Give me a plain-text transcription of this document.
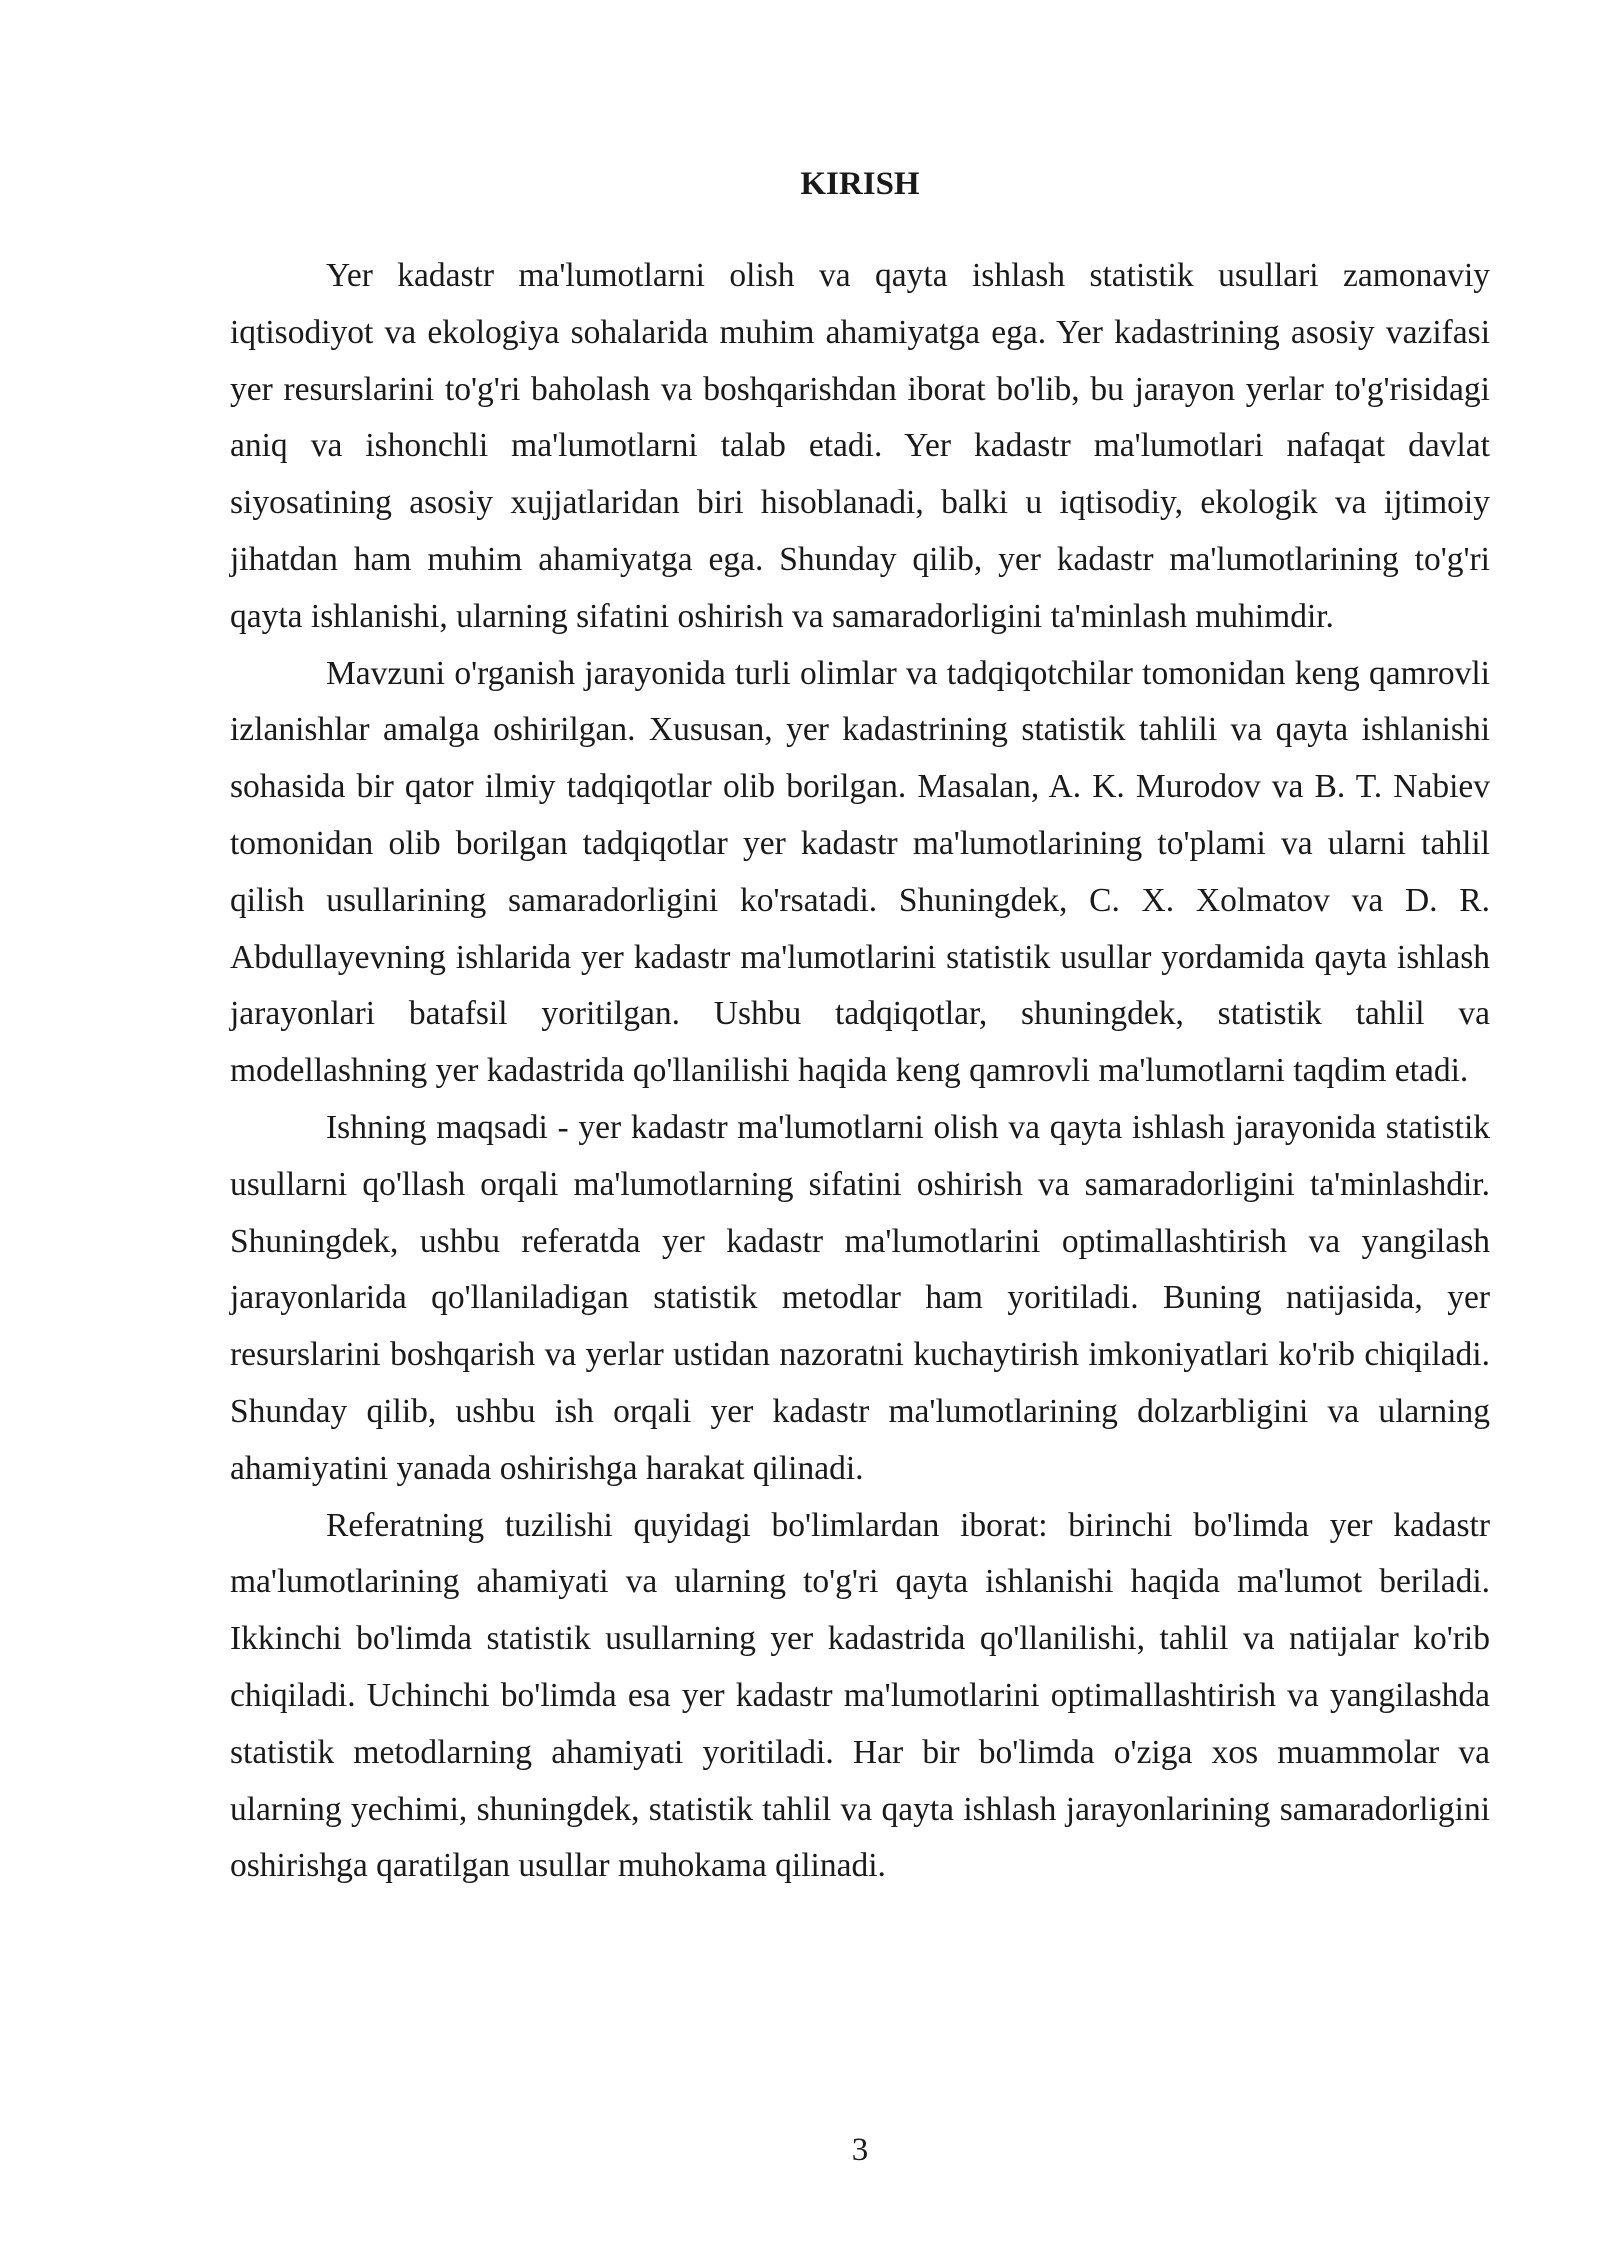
KIRISH

Yer kadastr ma'lumotlarni olish va qayta ishlash statistik usullari zamonaviy iqtisodiyot va ekologiya sohalarida muhim ahamiyatga ega. Yer kadastrining asosiy vazifasi yer resurslarini to'g'ri baholash va boshqarishdan iborat bo'lib, bu jarayon yerlar to'g'risidagi aniq va ishonchli ma'lumotlarni talab etadi. Yer kadastr ma'lumotlari nafaqat davlat siyosatining asosiy xujjatlaridan biri hisoblanadi, balki u iqtisodiy, ekologik va ijtimoiy jihatdan ham muhim ahamiyatga ega. Shunday qilib, yer kadastr ma'lumotlarining to'g'ri qayta ishlanishi, ularning sifatini oshirish va samaradorligini ta'minlash muhimdir.

Mavzuni o'rganish jarayonida turli olimlar va tadqiqotchilar tomonidan keng qamrovli izlanishlar amalga oshirilgan. Xususan, yer kadastrining statistik tahlili va qayta ishlanishi sohasida bir qator ilmiy tadqiqotlar olib borilgan. Masalan, A. K. Murodov va B. T. Nabiev tomonidan olib borilgan tadqiqotlar yer kadastr ma'lumotlarining to'plami va ularni tahlil qilish usullarining samaradorligini ko'rsatadi. Shuningdek, C. X. Xolmatov va D. R. Abdullayevning ishlarida yer kadastr ma'lumotlarini statistik usullar yordamida qayta ishlash jarayonlari batafsil yoritilgan. Ushbu tadqiqotlar, shuningdek, statistik tahlil va modellashning yer kadastrida qo'llanilishi haqida keng qamrovli ma'lumotlarni taqdim etadi.

Ishning maqsadi - yer kadastr ma'lumotlarni olish va qayta ishlash jarayonida statistik usullarni qo'llash orqali ma'lumotlarning sifatini oshirish va samaradorligini ta'minlashdir. Shuningdek, ushbu referatda yer kadastr ma'lumotlarini optimallashtirish va yangilash jarayonlarida qo'llaniladigan statistik metodlar ham yoritiladi. Buning natijasida, yer resurslarini boshqarish va yerlar ustidan nazoratni kuchaytirish imkoniyatlari ko'rib chiqiladi. Shunday qilib, ushbu ish orqali yer kadastr ma'lumotlarining dolzarbligini va ularning ahamiyatini yanada oshirishga harakat qilinadi.

Referatning tuzilishi quyidagi bo'limlardan iborat: birinchi bo'limda yer kadastr ma'lumotlarining ahamiyati va ularning to'g'ri qayta ishlanishi haqida ma'lumot beriladi. Ikkinchi bo'limda statistik usullarning yer kadastrida qo'llanilishi, tahlil va natijalar ko'rib chiqiladi. Uchinchi bo'limda esa yer kadastr ma'lumotlarini optimallashtirish va yangilashda statistik metodlarning ahamiyati yoritiladi. Har bir bo'limda o'ziga xos muammolar va ularning yechimi, shuningdek, statistik tahlil va qayta ishlash jarayonlarining samaradorligini oshirishga qaratilgan usullar muhokama qilinadi.

3
